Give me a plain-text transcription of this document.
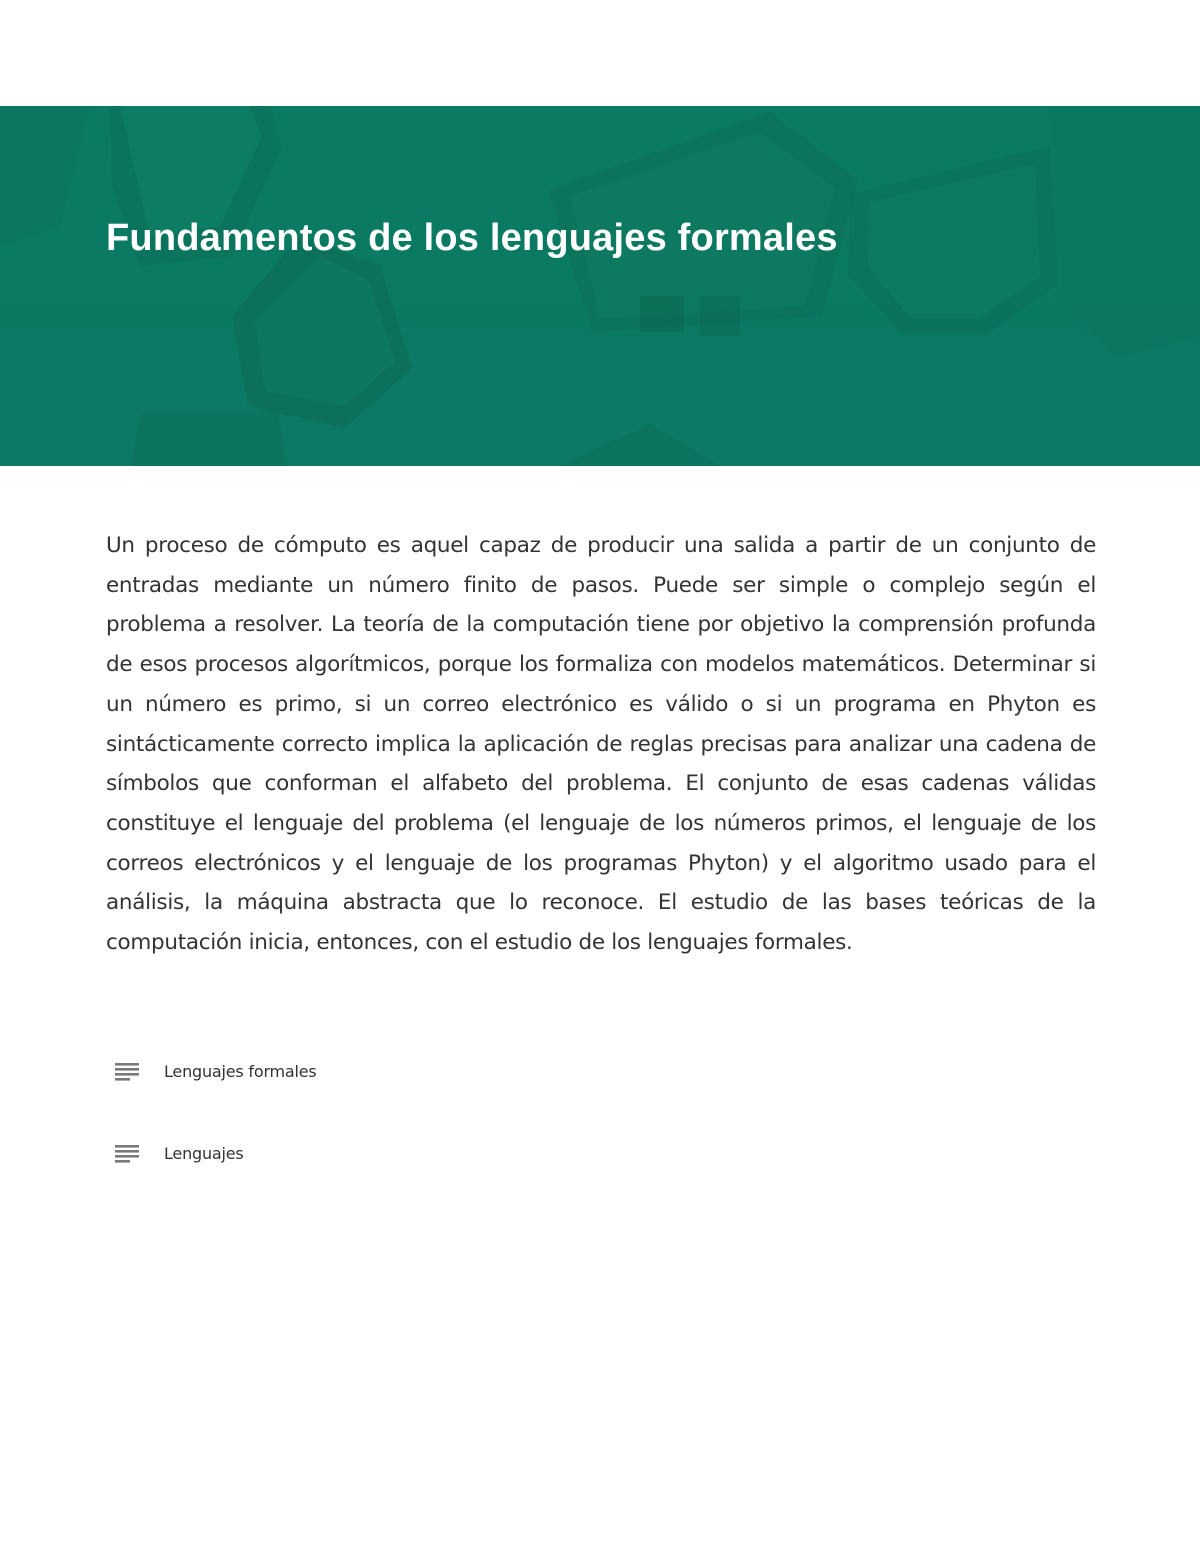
Fundamentos de los lenguajes formales

Un proceso de cómputo es aquel capaz de producir una salida a partir de un conjunto de entradas mediante un número finito de pasos. Puede ser simple o complejo según el problema a resolver. La teoría de la computación tiene por objetivo la comprensión profunda de esos procesos algorítmicos, porque los formaliza con modelos matemáticos. Determinar si un número es primo, si un correo electrónico es válido o si un programa en Phyton es sintácticamente correcto implica la aplicación de reglas precisas para analizar una cadena de símbolos que conforman el alfabeto del problema. El conjunto de esas cadenas válidas constituye el lenguaje del problema (el lenguaje de los números primos, el lenguaje de los correos electrónicos y el lenguaje de los programas Phyton) y el algoritmo usado para el análisis, la máquina abstracta que lo reconoce. El estudio de las bases teóricas de la computación inicia, entonces, con el estudio de los lenguajes formales.

Lenguajes formales
Lenguajes
